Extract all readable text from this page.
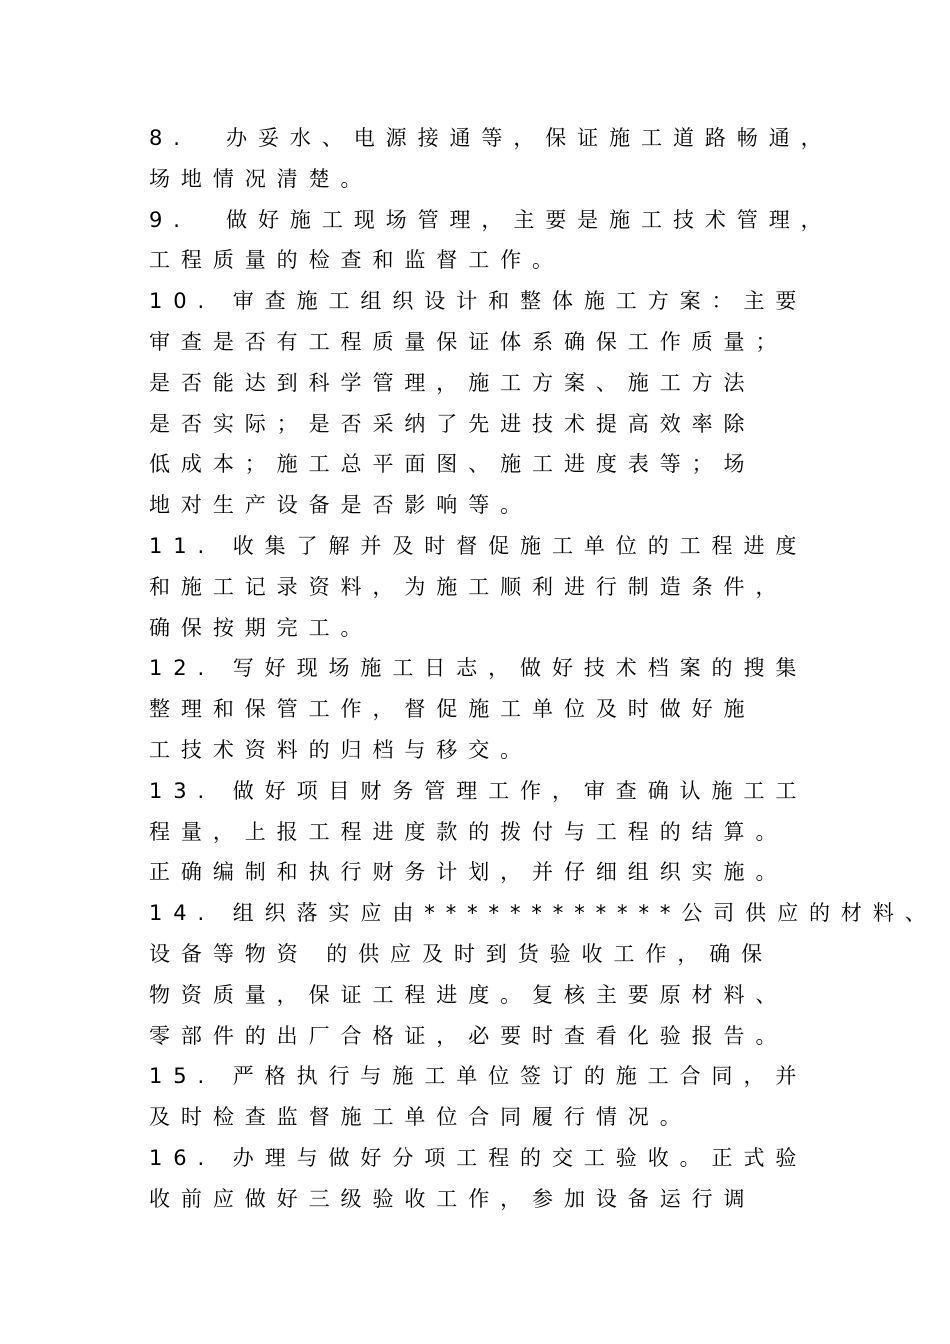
8.  办妥水、电源接通等，保证施工道路畅通，
场地情况清楚。
9.  做好施工现场管理，主要是施工技术管理，
工程质量的检查和监督工作。
10. 审查施工组织设计和整体施工方案：主要
审查是否有工程质量保证体系确保工作质量；
是否能达到科学管理，施工方案、施工方法
是否实际；是否采纳了先进技术提高效率除
低成本；施工总平面图、施工进度表等；场
地对生产设备是否影响等。
11. 收集了解并及时督促施工单位的工程进度
和施工记录资料，为施工顺利进行制造条件，
确保按期完工。
12. 写好现场施工日志，做好技术档案的搜集
整理和保管工作，督促施工单位及时做好施
工技术资料的归档与移交。
13. 做好项目财务管理工作，审查确认施工工
程量，上报工程进度款的拨付与工程的结算。
正确编制和执行财务计划，并仔细组织实施。
14. 组织落实应由************公司供应的材料、
设备等物资 的供应及时到货验收工作，确保
物资质量，保证工程进度。复核主要原材料、
零部件的出厂合格证，必要时查看化验报告。
15. 严格执行与施工单位签订的施工合同，并
及时检查监督施工单位合同履行情况。
16. 办理与做好分项工程的交工验收。正式验
收前应做好三级验收工作，参加设备运行调
